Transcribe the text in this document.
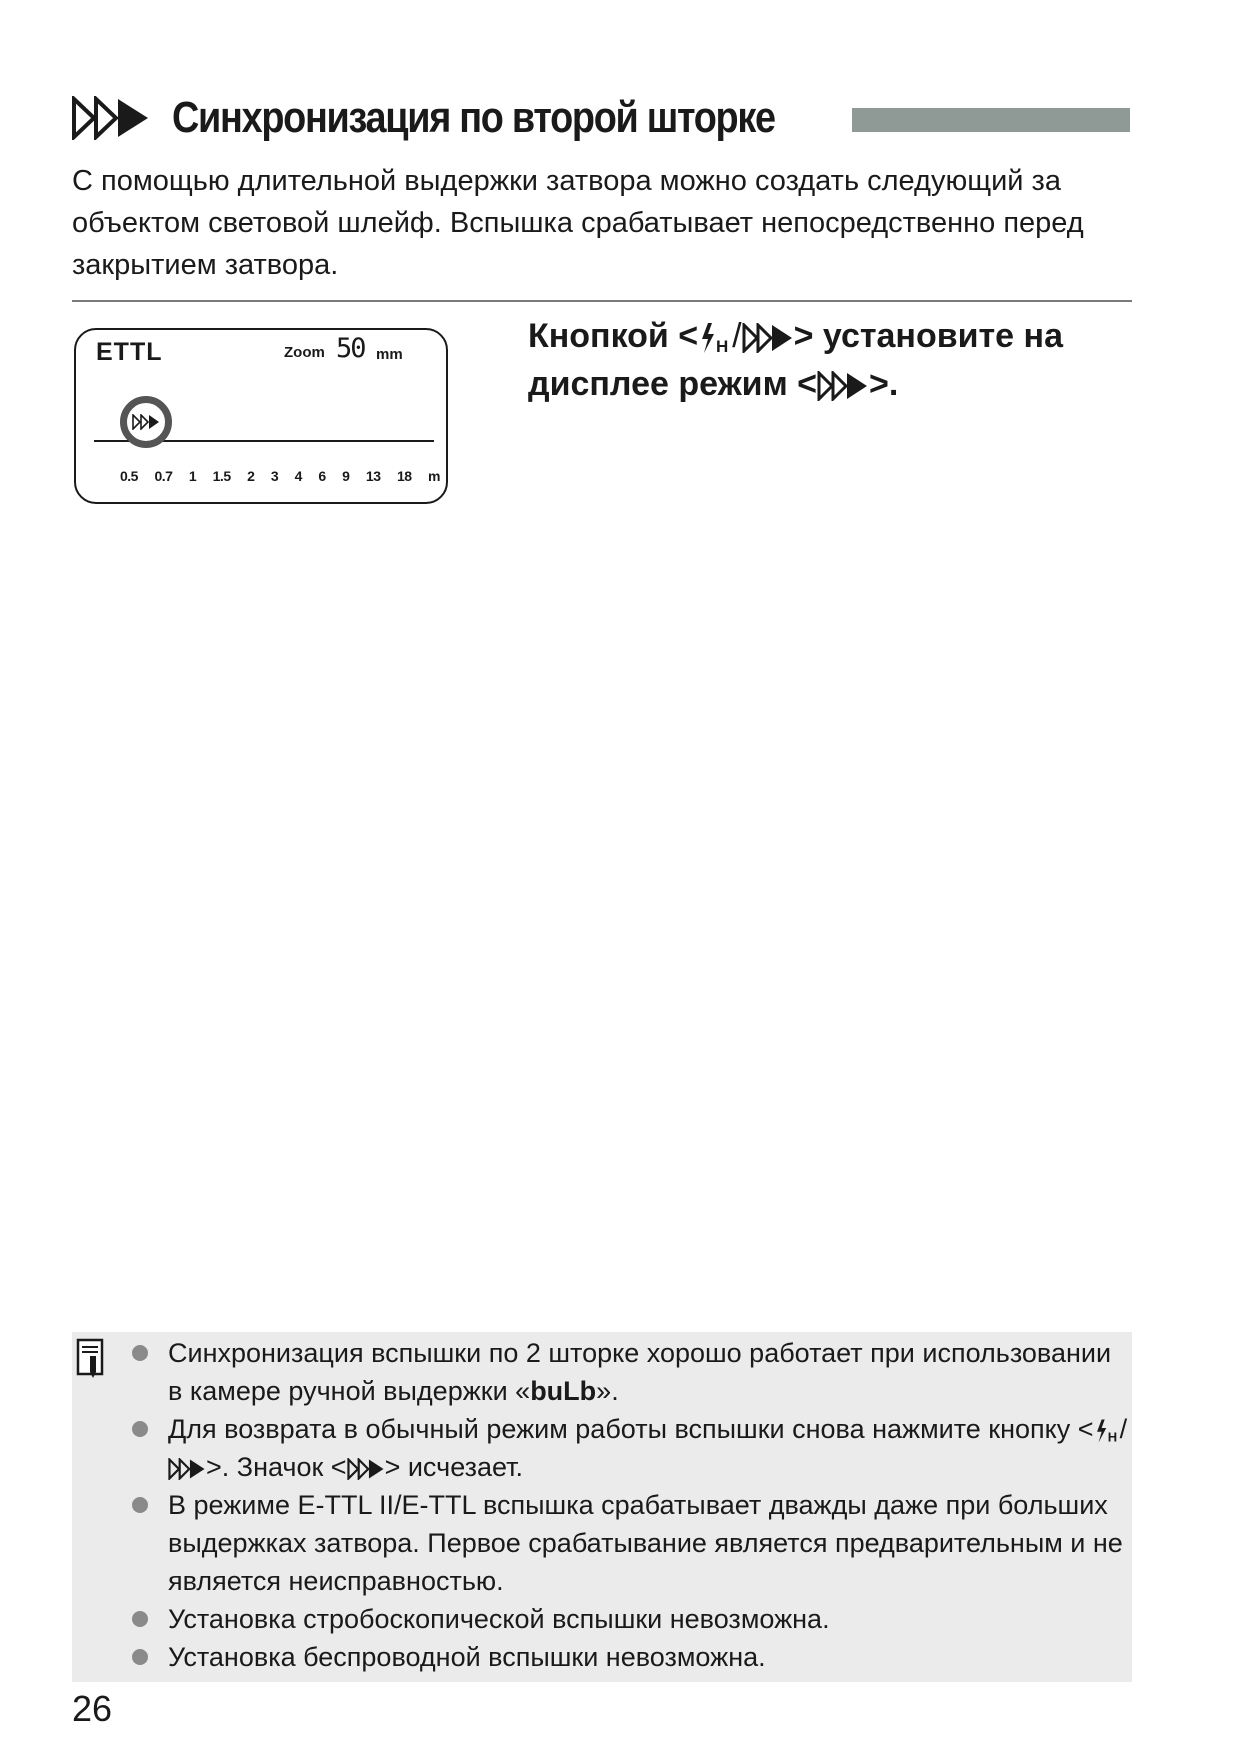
Синхронизация по второй шторке
С помощью длительной выдержки затвора можно создать следующий за объектом световой шлейф. Вспышка срабатывает непосредственно перед закрытием затвора.
ETTL	Zoom 50 mm
0.5 0.7 1 1.5 2 3 4 6 9 13 18 m
Кнопкой < H / > установите на дисплее режим < >.
Синхронизация вспышки по 2 шторке хорошо работает при использовании в камере ручной выдержки «buLb».
Для возврата в обычный режим работы вспышки снова нажмите кнопку < H />. Значок < > исчезает.
В режиме E-TTL II/E-TTL вспышка срабатывает дважды даже при больших выдержках затвора. Первое срабатывание является предварительным и не является неисправностью.
Установка стробоскопической вспышки невозможна.
Установка беспроводной вспышки невозможна.
26
